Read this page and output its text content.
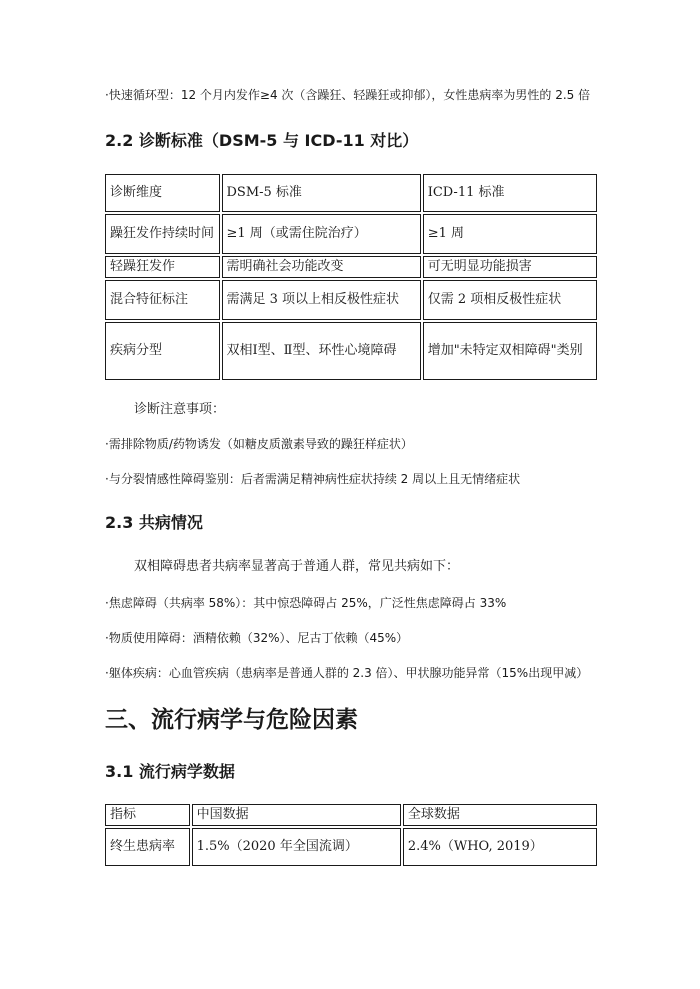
·快速循环型：12 个月内发作≥4 次（含躁狂、轻躁狂或抑郁），女性患病率为男性的 2.5 倍
2.2 诊断标准（DSM-5 与 ICD-11 对比）
诊断维度	DSM-5 标准	ICD-11 标准
躁狂发作持续时间	≥1 周（或需住院治疗）	≥1 周
轻躁狂发作	需明确社会功能改变	可无明显功能损害
混合特征标注	需满足 3 项以上相反极性症状	仅需 2 项相反极性症状
疾病分型	双相Ⅰ型、Ⅱ型、环性心境障碍	增加"未特定双相障碍"类别
诊断注意事项：
·需排除物质/药物诱发（如糖皮质激素导致的躁狂样症状）
·与分裂情感性障碍鉴别：后者需满足精神病性症状持续 2 周以上且无情绪症状
2.3 共病情况
双相障碍患者共病率显著高于普通人群，常见共病如下：
·焦虑障碍（共病率 58%）：其中惊恐障碍占 25%，广泛性焦虑障碍占 33%
·物质使用障碍：酒精依赖（32%）、尼古丁依赖（45%）
·躯体疾病：心血管疾病（患病率是普通人群的 2.3 倍）、甲状腺功能异常（15%出现甲减）
三、流行病学与危险因素
3.1 流行病学数据
指标	中国数据	全球数据
终生患病率	1.5%（2020 年全国流调）	2.4%（WHO, 2019）
